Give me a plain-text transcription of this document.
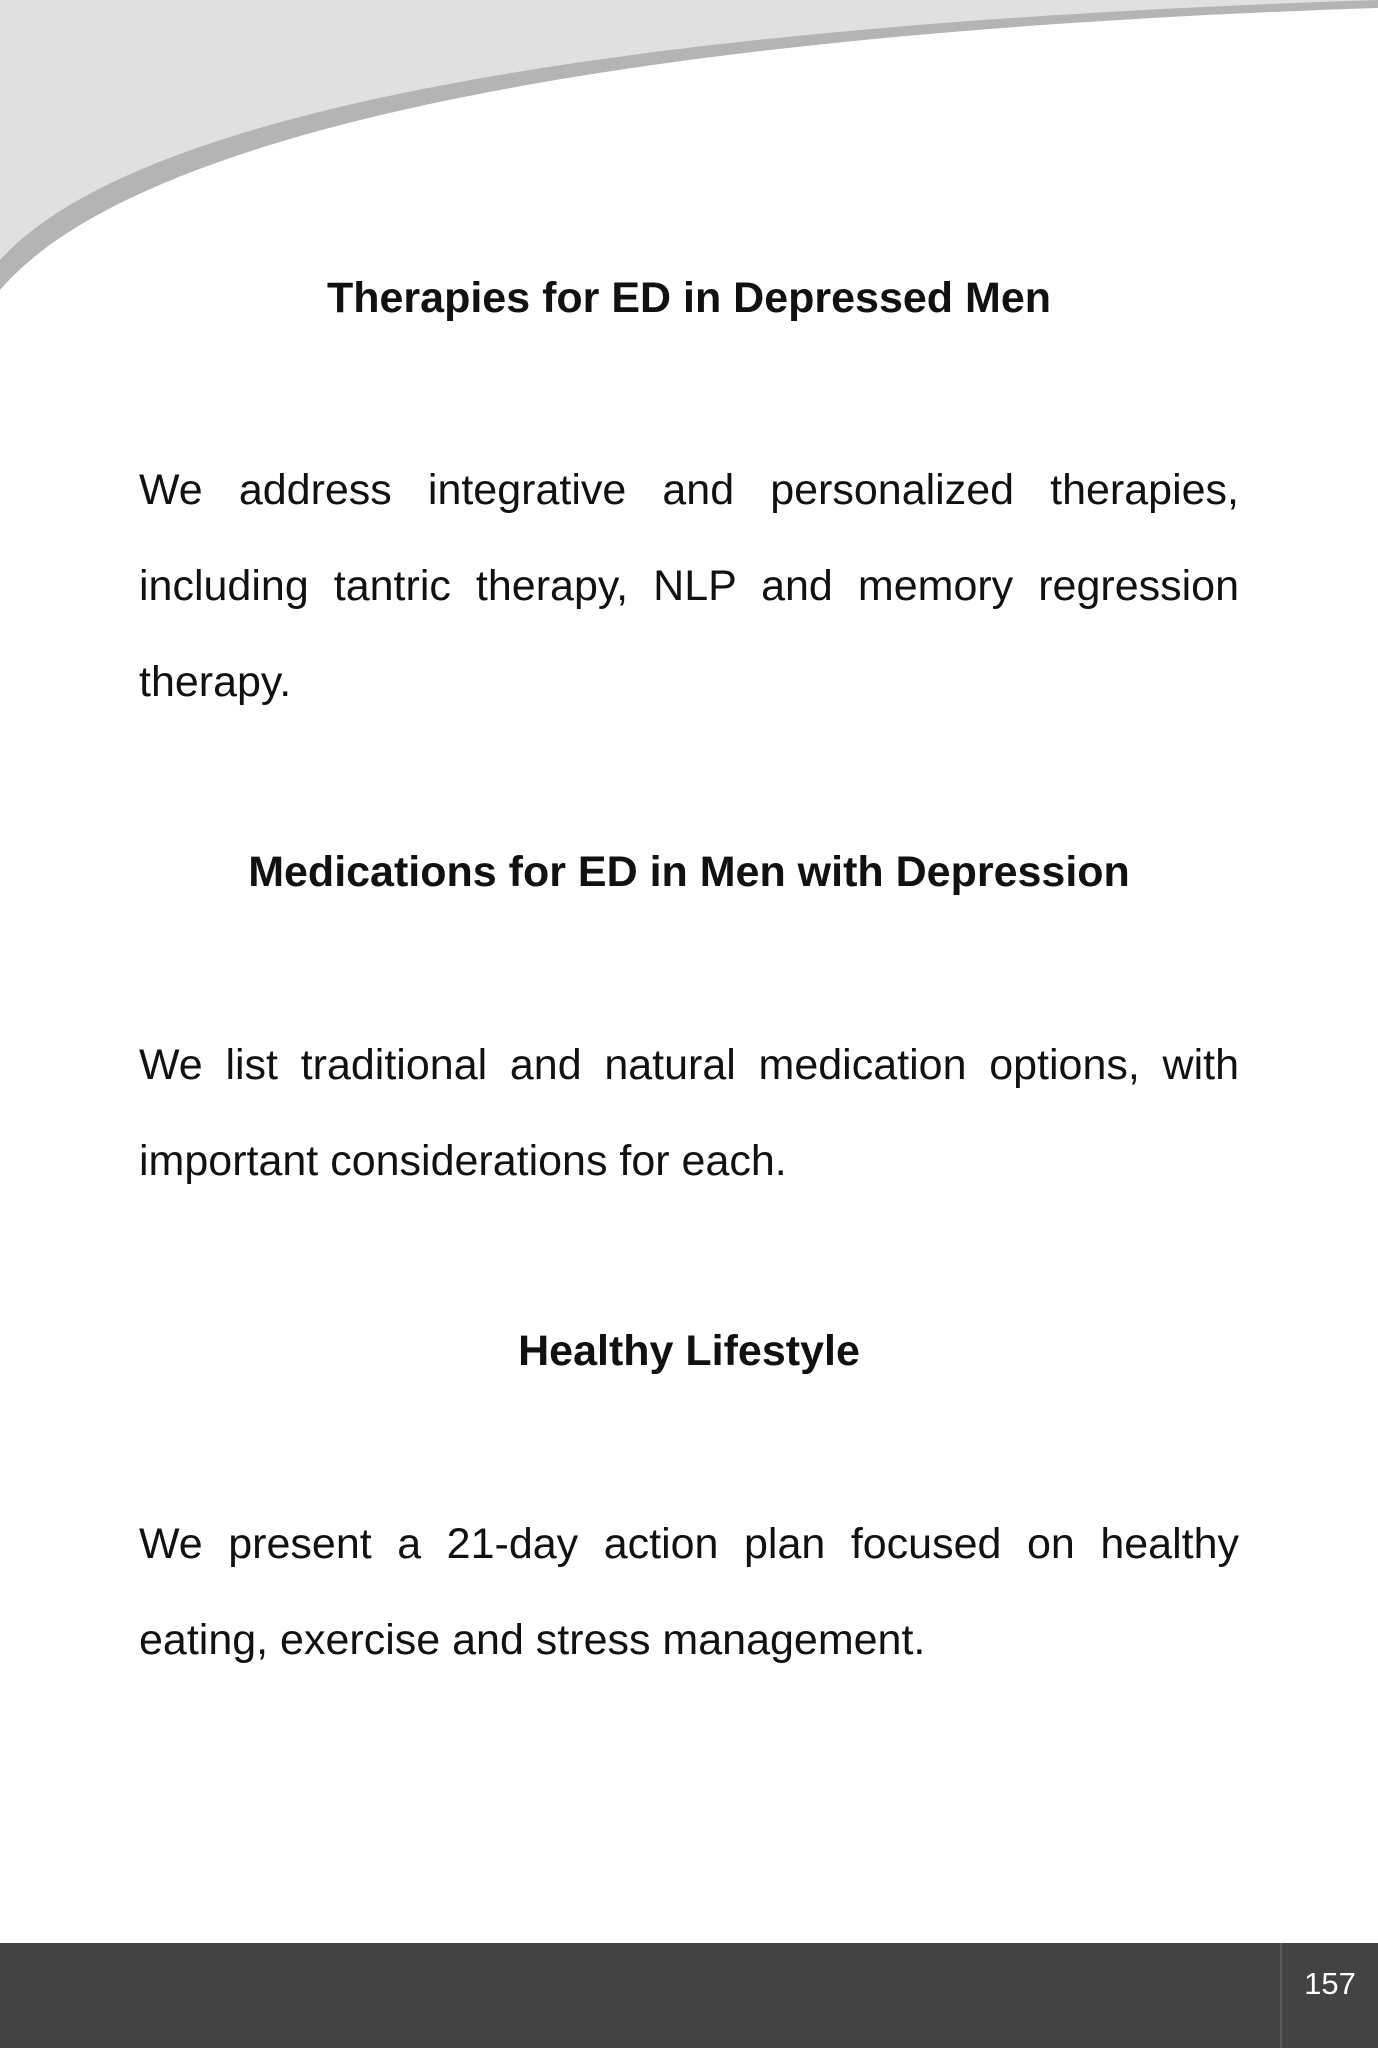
Therapies for ED in Depressed Men

We address integrative and personalized therapies, including tantric therapy, NLP and memory regression therapy.

Medications for ED in Men with Depression

We list traditional and natural medication options, with important considerations for each.

Healthy Lifestyle

We present a 21-day action plan focused on healthy eating, exercise and stress management.

157
